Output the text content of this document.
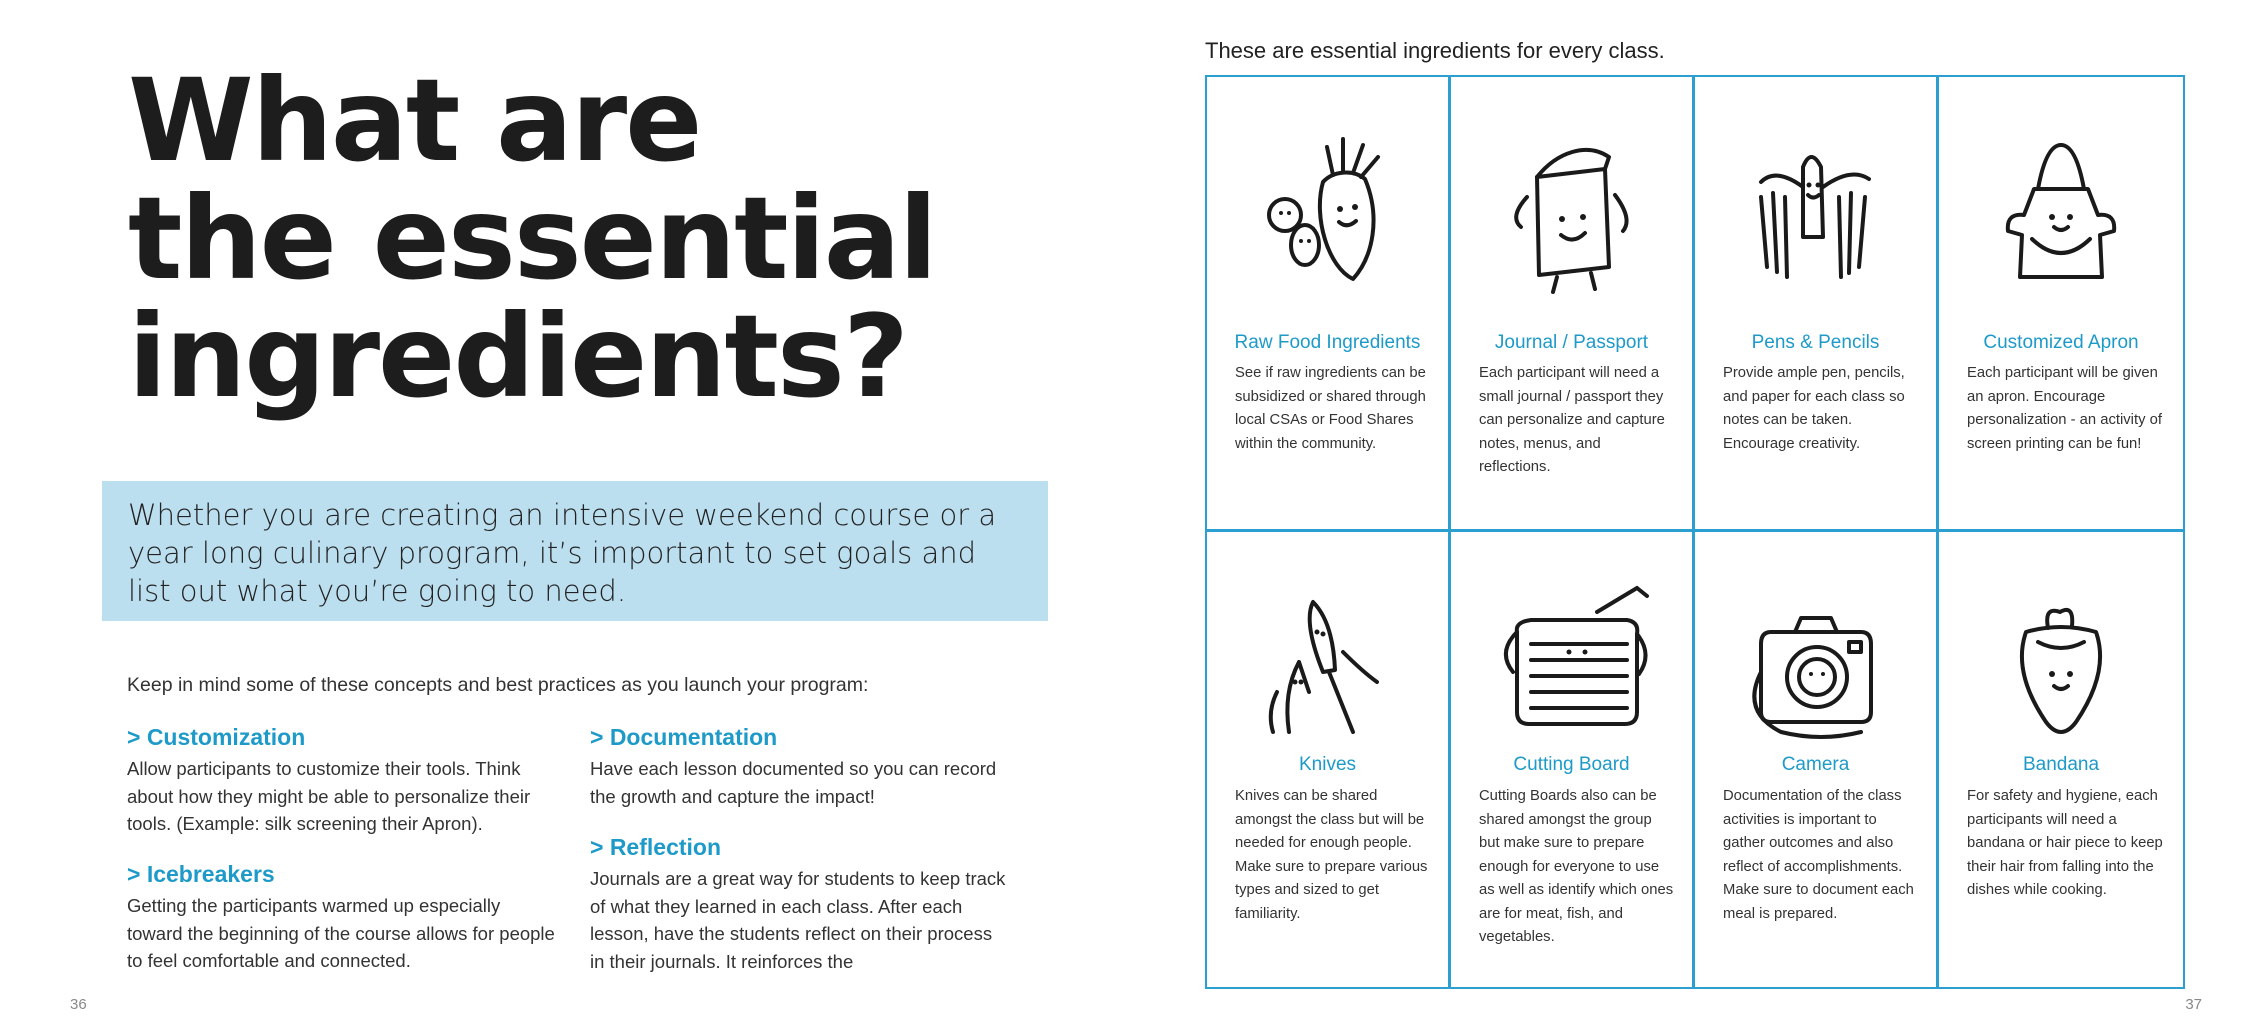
What are
the essential
ingredients?

Whether you are creating an intensive weekend course or a year long culinary program, it’s important to set goals and list out what you’re going to need.

Keep in mind some of these concepts and best practices as you launch your program:

> Customization

Allow participants to customize their tools. Think about how they might be able to personalize their tools. (Example: silk screening their Apron).

> Icebreakers

Getting the participants warmed up especially toward the beginning of the course allows for people to feel comfortable and connected.

> Documentation

Have each lesson documented so you can record the growth and capture the impact!

> Reflection

Journals are a great way for students to keep track of what they learned in each class. After each lesson, have the students reflect on their process in their journals. It reinforces the

36

These are essential ingredients for every class.

Raw Food Ingredients

See if raw ingredients can be subsidized or shared through local CSAs or Food Shares within the community.

Journal / Passport

Each participant will need a small journal / passport they can personalize and capture notes, menus, and reflections.

Pens & Pencils

Provide ample pen, pencils, and paper for each class so notes can be taken. Encourage creativity.

Customized Apron

Each participant will be given an apron. Encourage personalization - an activity of screen printing can be fun!

Knives

Knives can be shared amongst the class but will be needed for enough people. Make sure to prepare various types and sized to get familiarity.

Cutting Board

Cutting Boards also can be shared amongst the group but make sure to prepare enough for everyone to use as well as identify which ones are for meat, fish, and vegetables.

Camera

Documentation of the class activities is important to gather outcomes and also reflect of accomplishments. Make sure to document each meal is prepared.

Bandana

For safety and hygiene, each participants will need a bandana or hair piece to keep their hair from falling into the dishes while cooking.

37
